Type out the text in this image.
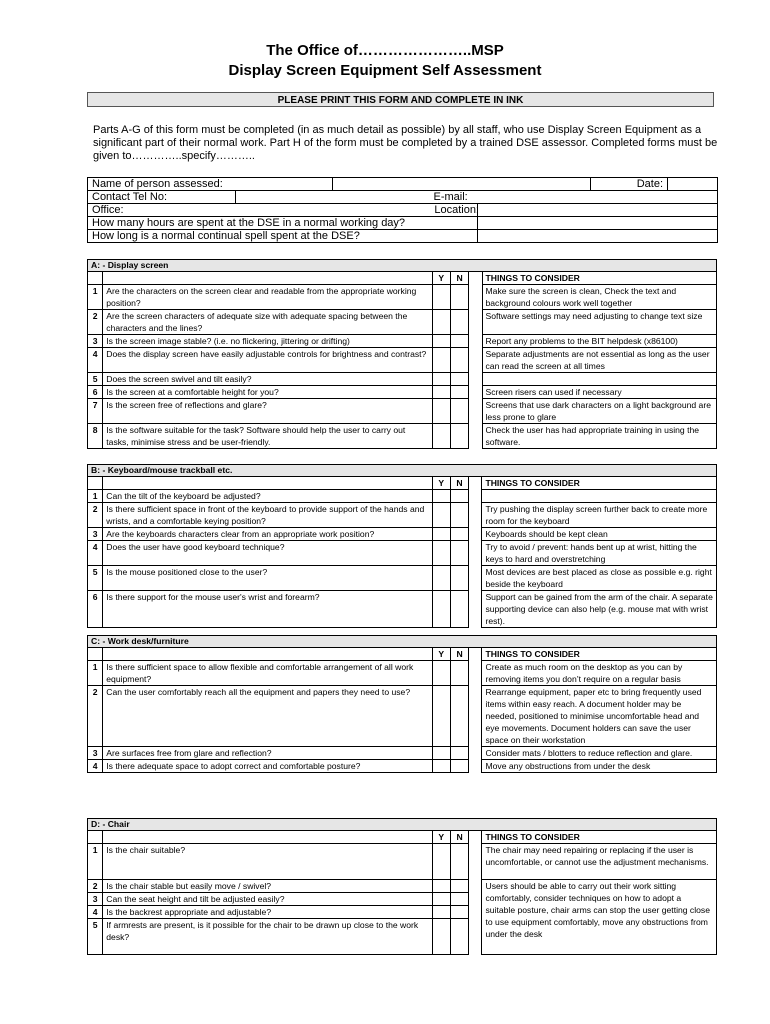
The Office of…………………..MSP
Display Screen Equipment Self Assessment
PLEASE PRINT THIS FORM AND COMPLETE IN INK
Parts A-G of this form must be completed (in as much detail as possible) by all staff, who use Display Screen Equipment as a significant part of their normal work. Part H of the form must be completed by a trained DSE assessor. Completed forms must be given to…………..specify………..
Name of person assessed:				Date:	
Contact Tel No:			E-mail:		
Office:			Location:		
How many hours are spent at the DSE in a normal working day?					
How long is a normal continual spell spent at the DSE?					
A: - Display screen					
		Y	N		THINGS TO CONSIDER
1	Are the characters on the screen clear and readable from the appropriate working position?				Make sure the screen is clean, Check the text and background colours work well together
2	Are the screen characters of adequate size with adequate spacing between the characters and the lines?				Software settings may need adjusting to change text size
3	Is the screen image stable? (i.e. no flickering, jittering or drifting)				Report any problems to the BIT helpdesk (x86100)
4	Does the display screen have easily adjustable controls for brightness and contrast?				Separate adjustments are not essential as long as the user can read the screen at all times
5	Does the screen swivel and tilt easily?				
6	Is the screen at a comfortable height for you?				Screen risers can used if necessary
7	Is the screen free of reflections and glare?				Screens that use dark characters on a light background are less prone to glare
8	Is the software suitable for the task? Software should help the user to carry out tasks, minimise stress and be user-friendly.				Check the user has had appropriate training in using the software.
B: - Keyboard/mouse trackball etc.					
		Y	N		THINGS TO CONSIDER
1	Can the tilt of the keyboard be adjusted?				
2	Is there sufficient space in front of the keyboard to provide support of the hands and wrists, and a comfortable keying position?				Try pushing the display screen further back to create more room for the keyboard
3	Are the keyboards characters clear from an appropriate work position?				Keyboards should be kept clean
4	Does the user have good keyboard technique?				Try to avoid / prevent: hands bent up at wrist, hitting the keys to hard and overstretching
5	Is the mouse positioned close to the user?				Most devices are best placed as close as possible e.g. right beside the keyboard
6	Is there support for the mouse user's wrist and forearm?				Support can be gained from the arm of the chair. A separate supporting device can also help (e.g. mouse mat with wrist rest).
C: - Work desk/furniture					
		Y	N		THINGS TO CONSIDER
1	Is there sufficient space to allow flexible and comfortable arrangement of all work equipment?				Create as much room on the desktop as you can by removing items you don’t require on a regular basis
2	Can the user comfortably reach all the equipment and papers they need to use?				Rearrange equipment, paper etc to bring frequently used items within easy reach. A document holder may be needed, positioned to minimise uncomfortable head and eye movements. Document holders can save the user space on their workstation
3	Are surfaces free from glare and reflection?				Consider mats / blotters to reduce reflection and glare.
4	Is there adequate space to adopt correct and comfortable posture?				Move any obstructions from under the desk
D: - Chair					
		Y	N		THINGS TO CONSIDER
1	Is the chair suitable?				The chair may need repairing or replacing if the user is uncomfortable, or cannot use the adjustment mechanisms.
2	Is the chair stable but easily move / swivel?				Users should be able to carry out their work sitting comfortably, consider techniques on how to adopt a suitable posture, chair arms can stop the user getting close to use equipment comfortably, move any obstructions from under the desk
3	Can the seat height and tilt be adjusted easily?				
4	Is the backrest appropriate and adjustable?				
5	If armrests are present, is it possible for the chair to be drawn up close to the work desk?				
